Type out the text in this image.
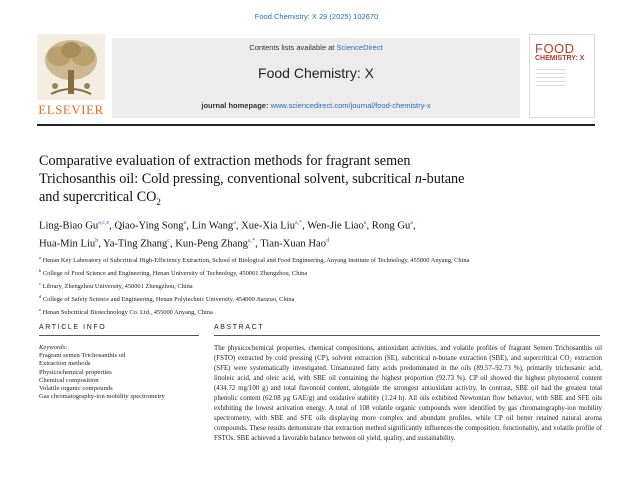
Food Chemistry: X 29 (2025) 102670
ELSEVIER
Contents lists available at ScienceDirect
Food Chemistry: X
journal homepage: www.sciencedirect.com/journal/food-chemistry-x
FOOD
CHEMISTRY: X
Comparative evaluation of extraction methods for fragrant semen
Trichosanthis oil: Cold pressing, conventional solvent, subcritical n-butane
and supercritical $CO_2$
Ling-Biao Gu$^{a,c,e}$, Qiao-Ying Song$^a$, Lin Wang$^a$, Xue-Xia Liu$^{a,*}$, Wen-Jie Liao$^a$, Rong Gu$^a$,
Hua-Min Liu$^b$, Ya-Ting Zhang$^c$, Kun-Peng Zhang$^{a,*}$, Tian-Xuan Hao$^d$
$^a$ Henan Key Laboratory of Subcritical High-Efficiency Extraction, School of Biological and Food Engineering, Anyang Institute of Technology, 455000 Anyang, China
$^b$ College of Food Science and Engineering, Henan University of Technology, 450001 Zhengzhou, China
$^c$ Library, Zhengzhou University, 450001 Zhengzhou, China
$^d$ College of Safety Science and Engineering, Henan Polytechnic University, 454000 Jiaozuo, China
$^e$ Henan Subcritical Biotechnology Co. Ltd., 455000 Anyang, China
ARTICLE INFO	ABSTRACT
Keywords:
Fragrant semen Trichosanthis oil
Extraction methods
Physicochemical properties
Chemical composition
Volatile organic compounds
Gas chromatography-ion mobility spectrometry
The physicochemical properties, chemical compositions, antioxidant activities, and volatile profiles of fragrant Semen Trichosanthis oil (FSTO) extracted by cold pressing (CP), solvent extraction (SE), subcritical n-butane extraction (SBE), and supercritical CO₂ extraction (SFE) were systematically investigated. Unsaturated fatty acids predominated in the oils (89.57–92.73 %), primarily trichosanic acid, linoleic acid, and oleic acid, with SBE oil containing the highest proportion (92.73 %). CP oil showed the highest phytosterol content (434.72 mg/100 g) and total flavonoid content, alongside the strongest antioxidant activity. In contrast, SBE oil had the greatest total phenolic content (62.08 μg GAE/g) and oxidative stability (1.24 h). All oils exhibited Newtonian flow behavior, with SBE and SFE oils exhibiting the lowest activation energy. A total of 108 volatile organic compounds were identified by gas chromatography-ion mobility spectrometry, with SBE and SFE oils displaying more complex and abundant profiles, while CP oil better retained natural aroma compounds. These results demonstrate that extraction method significantly influences the composition, functionality, and volatile profile of FSTOs. SBE achieved a favorable balance between oil yield, quality, and sustainability.
